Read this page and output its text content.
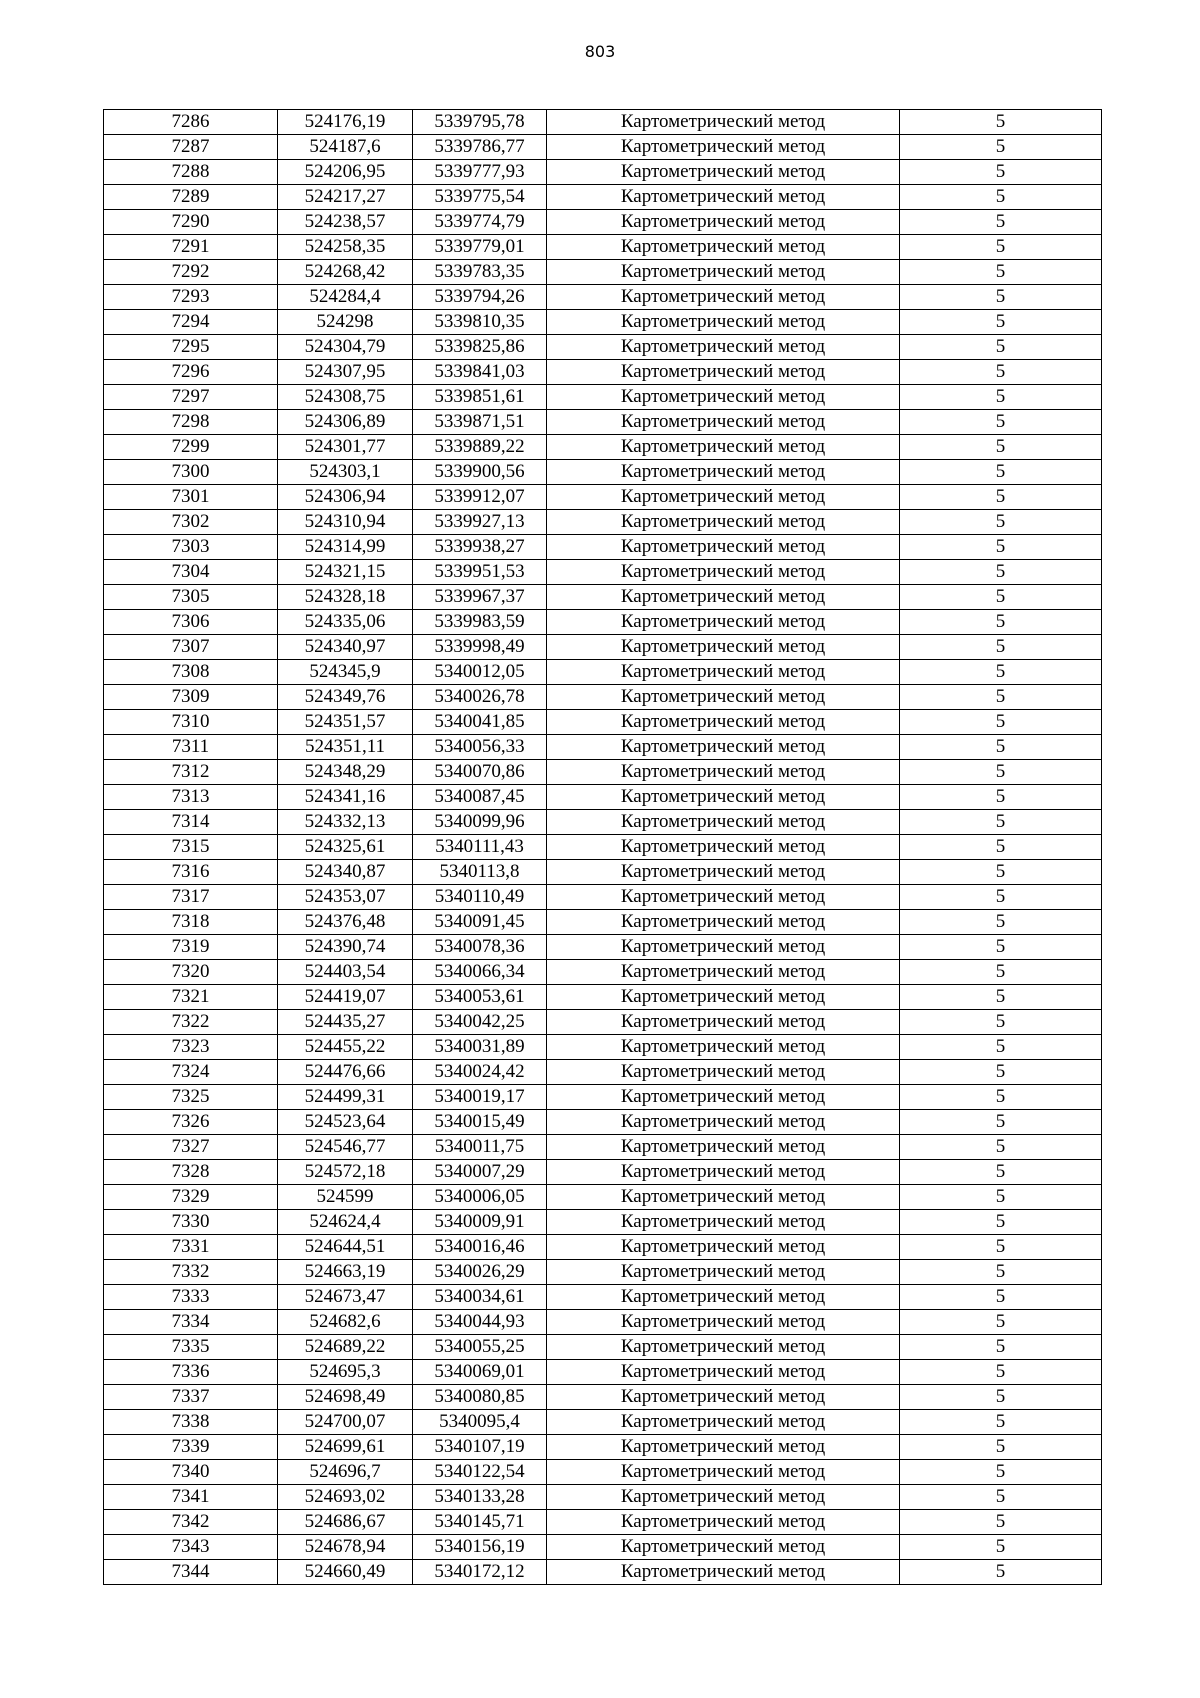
803
7286	524176,19	5339795,78	Картометрический метод	5
7287	524187,6	5339786,77	Картометрический метод	5
7288	524206,95	5339777,93	Картометрический метод	5
7289	524217,27	5339775,54	Картометрический метод	5
7290	524238,57	5339774,79	Картометрический метод	5
7291	524258,35	5339779,01	Картометрический метод	5
7292	524268,42	5339783,35	Картометрический метод	5
7293	524284,4	5339794,26	Картометрический метод	5
7294	524298	5339810,35	Картометрический метод	5
7295	524304,79	5339825,86	Картометрический метод	5
7296	524307,95	5339841,03	Картометрический метод	5
7297	524308,75	5339851,61	Картометрический метод	5
7298	524306,89	5339871,51	Картометрический метод	5
7299	524301,77	5339889,22	Картометрический метод	5
7300	524303,1	5339900,56	Картометрический метод	5
7301	524306,94	5339912,07	Картометрический метод	5
7302	524310,94	5339927,13	Картометрический метод	5
7303	524314,99	5339938,27	Картометрический метод	5
7304	524321,15	5339951,53	Картометрический метод	5
7305	524328,18	5339967,37	Картометрический метод	5
7306	524335,06	5339983,59	Картометрический метод	5
7307	524340,97	5339998,49	Картометрический метод	5
7308	524345,9	5340012,05	Картометрический метод	5
7309	524349,76	5340026,78	Картометрический метод	5
7310	524351,57	5340041,85	Картометрический метод	5
7311	524351,11	5340056,33	Картометрический метод	5
7312	524348,29	5340070,86	Картометрический метод	5
7313	524341,16	5340087,45	Картометрический метод	5
7314	524332,13	5340099,96	Картометрический метод	5
7315	524325,61	5340111,43	Картометрический метод	5
7316	524340,87	5340113,8	Картометрический метод	5
7317	524353,07	5340110,49	Картометрический метод	5
7318	524376,48	5340091,45	Картометрический метод	5
7319	524390,74	5340078,36	Картометрический метод	5
7320	524403,54	5340066,34	Картометрический метод	5
7321	524419,07	5340053,61	Картометрический метод	5
7322	524435,27	5340042,25	Картометрический метод	5
7323	524455,22	5340031,89	Картометрический метод	5
7324	524476,66	5340024,42	Картометрический метод	5
7325	524499,31	5340019,17	Картометрический метод	5
7326	524523,64	5340015,49	Картометрический метод	5
7327	524546,77	5340011,75	Картометрический метод	5
7328	524572,18	5340007,29	Картометрический метод	5
7329	524599	5340006,05	Картометрический метод	5
7330	524624,4	5340009,91	Картометрический метод	5
7331	524644,51	5340016,46	Картометрический метод	5
7332	524663,19	5340026,29	Картометрический метод	5
7333	524673,47	5340034,61	Картометрический метод	5
7334	524682,6	5340044,93	Картометрический метод	5
7335	524689,22	5340055,25	Картометрический метод	5
7336	524695,3	5340069,01	Картометрический метод	5
7337	524698,49	5340080,85	Картометрический метод	5
7338	524700,07	5340095,4	Картометрический метод	5
7339	524699,61	5340107,19	Картометрический метод	5
7340	524696,7	5340122,54	Картометрический метод	5
7341	524693,02	5340133,28	Картометрический метод	5
7342	524686,67	5340145,71	Картометрический метод	5
7343	524678,94	5340156,19	Картометрический метод	5
7344	524660,49	5340172,12	Картометрический метод	5
